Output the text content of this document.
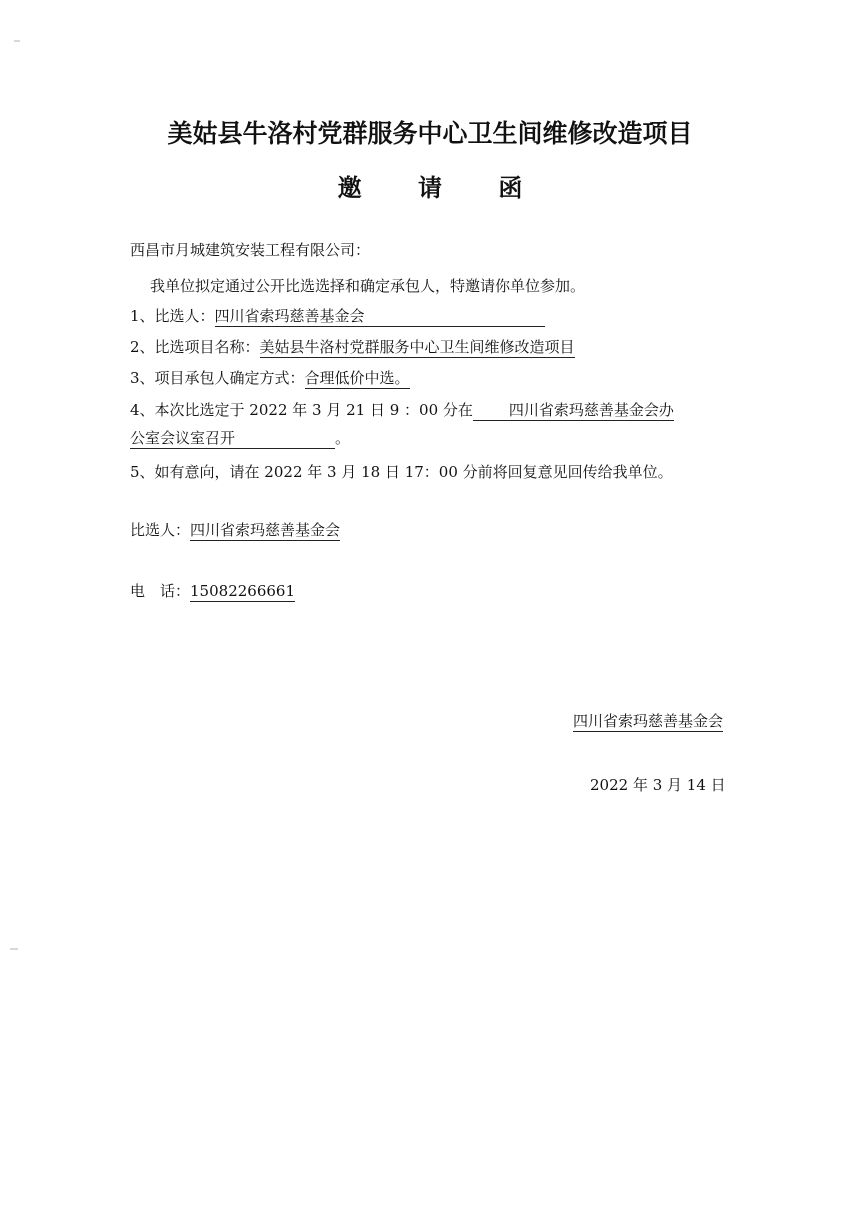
美姑县牛洛村党群服务中心卫生间维修改造项目
邀 请 函
西昌市月城建筑安装工程有限公司：
我单位拟定通过公开比选选择和确定承包人，特邀请你单位参加。
1、比选人：四川省索玛慈善基金会
2、比选项目名称：美姑县牛洛村党群服务中心卫生间维修改造项目
3、项目承包人确定方式：合理低价中选。
4、本次比选定于 2022 年 3 月 21 日 9 ：00 分在 四川省索玛慈善基金会办
公室会议室召开	。
5、如有意向，请在 2022 年 3 月 18 日 17：00 分前将回复意见回传给我单位。
比选人：四川省索玛慈善基金会
电　话：15082266661
四川省索玛慈善基金会
2022 年 3 月 14 日
